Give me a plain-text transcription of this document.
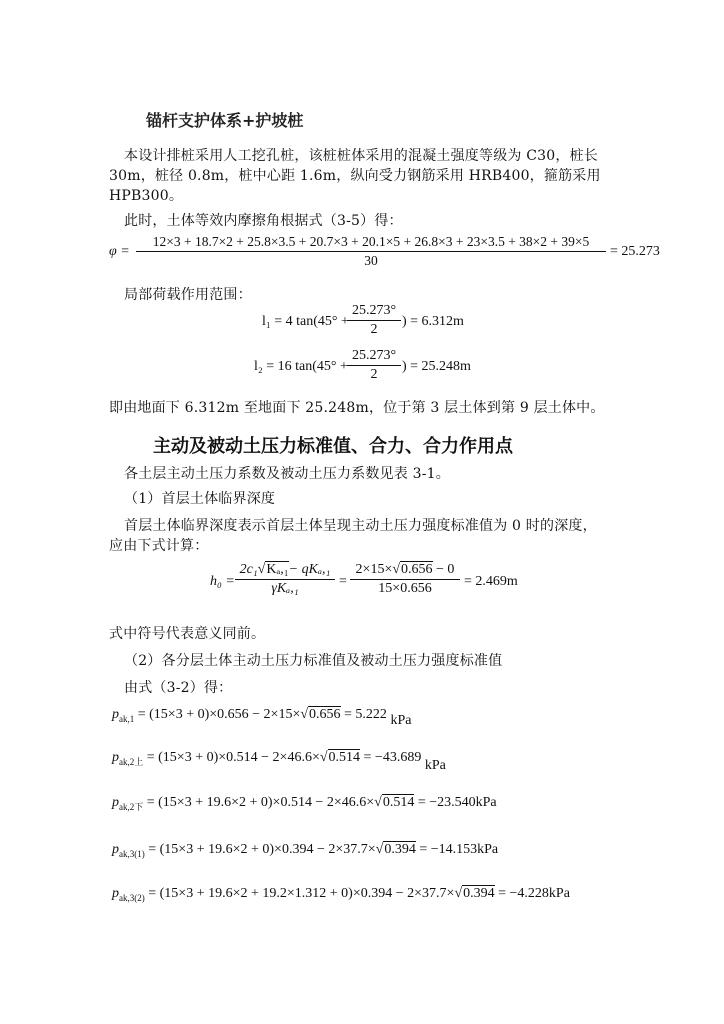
锚杆支护体系+护坡桩
本设计排桩采用人工挖孔桩，该桩桩体采用的混凝土强度等级为 C30，桩长
30m，桩径 0.8m，桩中心距 1.6m，纵向受力钢筋采用 HRB400，箍筋采用
HPB300。
此时，土体等效内摩擦角根据式（3-5）得：
φ =
12×3 + 18.7×2 + 25.8×3.5 + 20.7×3 + 20.1×5 + 26.8×3 + 23×3.5 + 38×2 + 39×5
30
= 25.273
局部荷载作用范围：
l₁ = 4 tan(45° +
25.273°
2
) = 6.312m
l₂ = 16 tan(45° +
25.273°
2
) = 25.248m
即由地面下 6.312m 至地面下 25.248m，位于第 3 层土体到第 9 层土体中。
主动及被动土压力标准值、合力、合力作用点
各土层主动土压力系数及被动土压力系数见表 3-1。
（1）首层土体临界深度
首层土体临界深度表示首层土体呈现主动土压力强度标准值为 0 时的深度，
应由下式计算：
h₀ =
2c₁√Kₐ,₁− qKₐ,₁
γKₐ,₁	=
2×15×√0.656 − 0
15×0.656	= 2.469m
式中符号代表意义同前。
（2）各分层土体主动土压力标准值及被动土压力强度标准值
由式（3-2）得：
$p_{ak,1} = (15\times 3 + 0)\times 0.656 - 2\times 15\times√0.656 = 5.222$ kPa
$p_{ak,2上} = (15\times 3 + 0)\times 0.514 - 2\times 46.6\times√0.514 = -43.689$ kPa
$p_{ak,2下} = (15\times 3 + 19.6\times 2 + 0)\times 0.514 - 2\times 46.6\times√0.514 = -23.540kPa$
$p_{ak,3(1)} = (15\times 3 + 19.6\times 2 + 0)\times 0.394 - 2\times 37.7\times√0.394 = -14.153kPa$
$p_{ak,3(2)} = (15\times 3 + 19.6\times 2 + 19.2\times 1.312 + 0)\times 0.394 - 2\times 37.7\times√0.394 = -4.228kPa$
